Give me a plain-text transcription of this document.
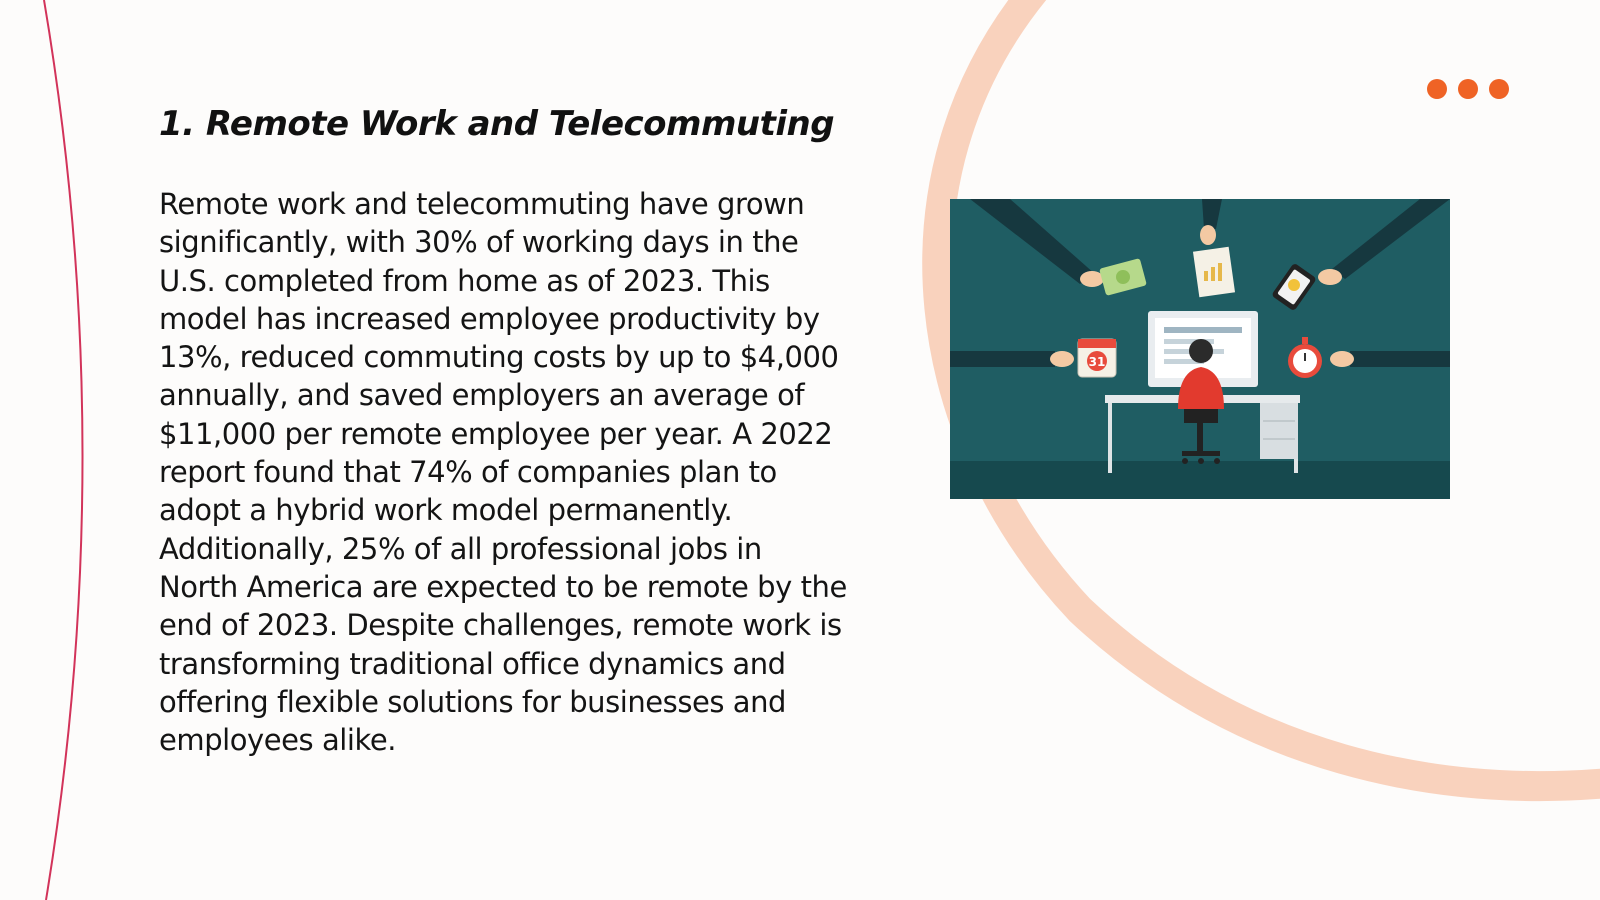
1. Remote Work and Telecommuting

Remote work and telecommuting have grown significantly, with 30% of working days in the U.S. completed from home as of 2023. This model has increased employee productivity by 13%, reduced commuting costs by up to $4,000 annually, and saved employers an average of $11,000 per remote employee per year. A 2022 report found that 74% of companies plan to adopt a hybrid work model permanently. Additionally, 25% of all professional jobs in North America are expected to be remote by the end of 2023. Despite challenges, remote work is transforming traditional office dynamics and offering flexible solutions for businesses and employees alike.

31
